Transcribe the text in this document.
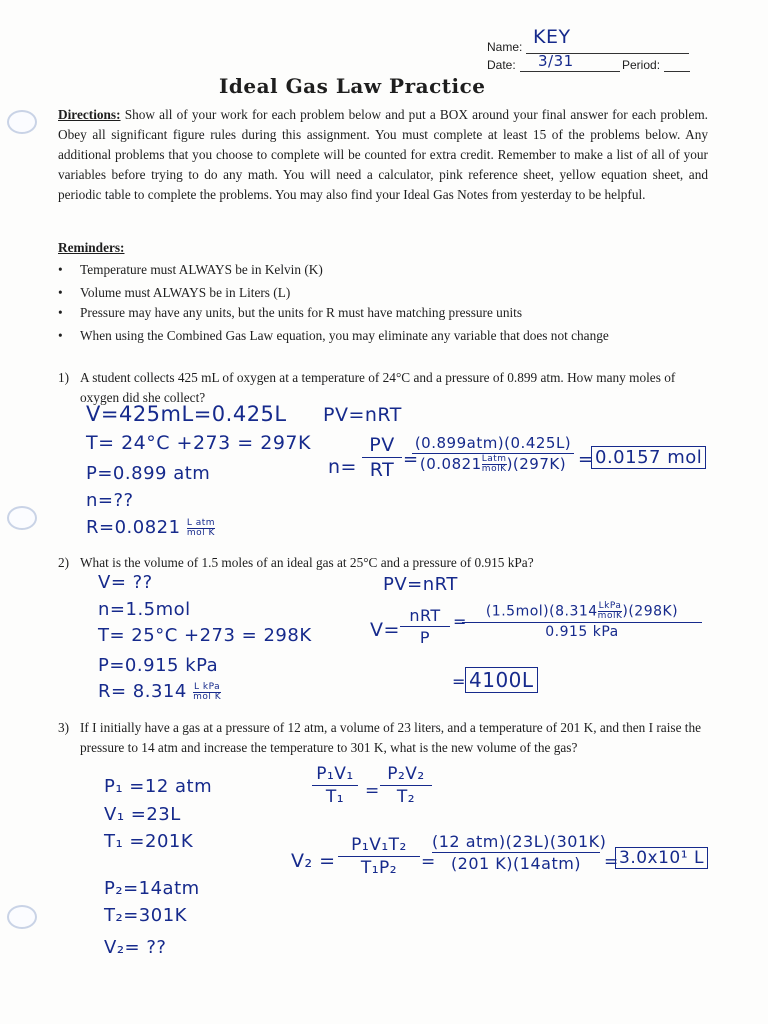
Name: KEY
Date: 3/31	Period:
Ideal Gas Law Practice
Directions: Show all of your work for each problem below and put a BOX around your final answer for each problem. Obey all significant figure rules during this assignment. You must complete at least 15 of the problems below. Any additional problems that you choose to complete will be counted for extra credit. Remember to make a list of all of your variables before trying to do any math. You will need a calculator, pink reference sheet, yellow equation sheet, and periodic table to complete the problems. You may also find your Ideal Gas Notes from yesterday to be helpful.
Reminders:
• Temperature must ALWAYS be in Kelvin (K)
• Volume must ALWAYS be in Liters (L)
• Pressure may have any units, but the units for R must have matching pressure units
• When using the Combined Gas Law equation, you may eliminate any variable that does not change
1) A student collects 425 mL of oxygen at a temperature of 24°C and a pressure of 0.899 atm. How many moles of oxygen did she collect?
V=425mL=0.425L
T= 24°C +273 = 297K
P=0.899 atm
n=??
R=0.0821 L atm
mol K
PV=nRT
n=
PV
RT =
(0.899atm)(0.425L)
(0.0821 Latm
molK)(297K) = 0.0157 mol
2) What is the volume of 1.5 moles of an ideal gas at 25°C and a pressure of 0.915 kPa?
V= ??
n=1.5mol
T= 25°C +273 = 298K
P=0.915 kPa
R= 8.314 L kPa
mol K
PV=nRT
V=
nRT
P
=
(1.5mol)(8.314 LkPa
molK)(298K)
0.915 kPa
= 4100L
3) If I initially have a gas at a pressure of 12 atm, a volume of 23 liters, and a temperature of 201 K, and then I raise the pressure to 14 atm and increase the temperature to 301 K, what is the new volume of the gas?
P₁ =12 atm
V₁ =23L
T₁ =201K
P₂=14atm
T₂=301K
V₂= ??
P₁V₁
T₁	=
P₂V₂
T₂
V₂ =
P₁V₁T₂
T₁P₂	=
(12 atm)(23L)(301K)
(201 K)(14atm)	= 3.0x10¹ L
